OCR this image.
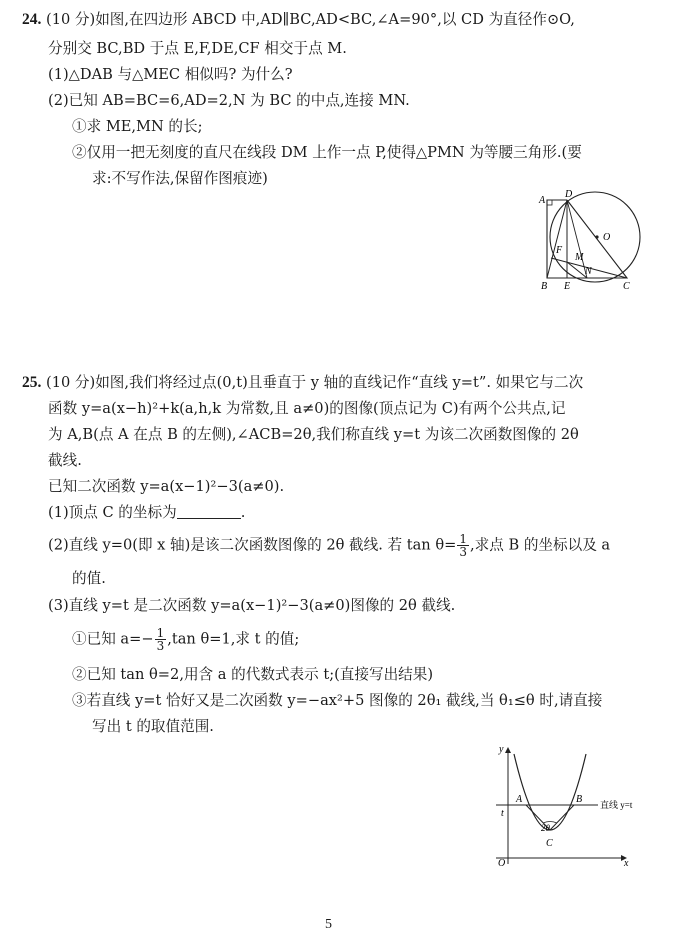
24. (10 分)如图,在四边形 ABCD 中,AD∥BC,AD<BC,∠A=90°,以 CD 为直径作⊙O,
分别交 BC,BD 于点 E,F,DE,CF 相交于点 M.
(1)△DAB 与△MEC 相似吗? 为什么?
(2)已知 AB=BC=6,AD=2,N 为 BC 的中点,连接 MN.
①求 ME,MN 的长;
②仅用一把无刻度的直尺在线段 DM 上作一点 P,使得△PMN 为等腰三角形.(要
求:不写作法,保留作图痕迹)
A
D
O
F
M
N
B E	C
25. (10 分)如图,我们将经过点(0,t)且垂直于 y 轴的直线记作“直线 y=t”. 如果它与二次
函数 y=a(x−h)²+k(a,h,k 为常数,且 a≠0)的图像(顶点记为 C)有两个公共点,记
为 A,B(点 A 在点 B 的左侧),∠ACB=2θ,我们称直线 y=t 为该二次函数图像的 2θ
截线.
已知二次函数 y=a(x−1)²−3(a≠0).
(1)顶点 C 的坐标为	.
(2)直线 y=0(即 x 轴)是该二次函数图像的 2θ 截线. 若 $\tan \theta= \frac{1}{3}$ ,求点 B 的坐标以及 a
的值.
(3)直线 y=t 是二次函数 y=a(x−1)²−3(a≠0)图像的 2θ 截线.
①已知 $a=- \frac{1}{3} ,\tan$ θ=1,求 t 的值;
②已知 tan θ=2,用含 a 的代数式表示 t;(直接写出结果)
③若直线 y=t 恰好又是二次函数 y=−ax²+5 图像的 2θ₁ 截线,当 θ₁≤θ 时,请直接
写出 t 的取值范围.
y
x
O
t
A	B
2θ
C
直线 y=t
5
